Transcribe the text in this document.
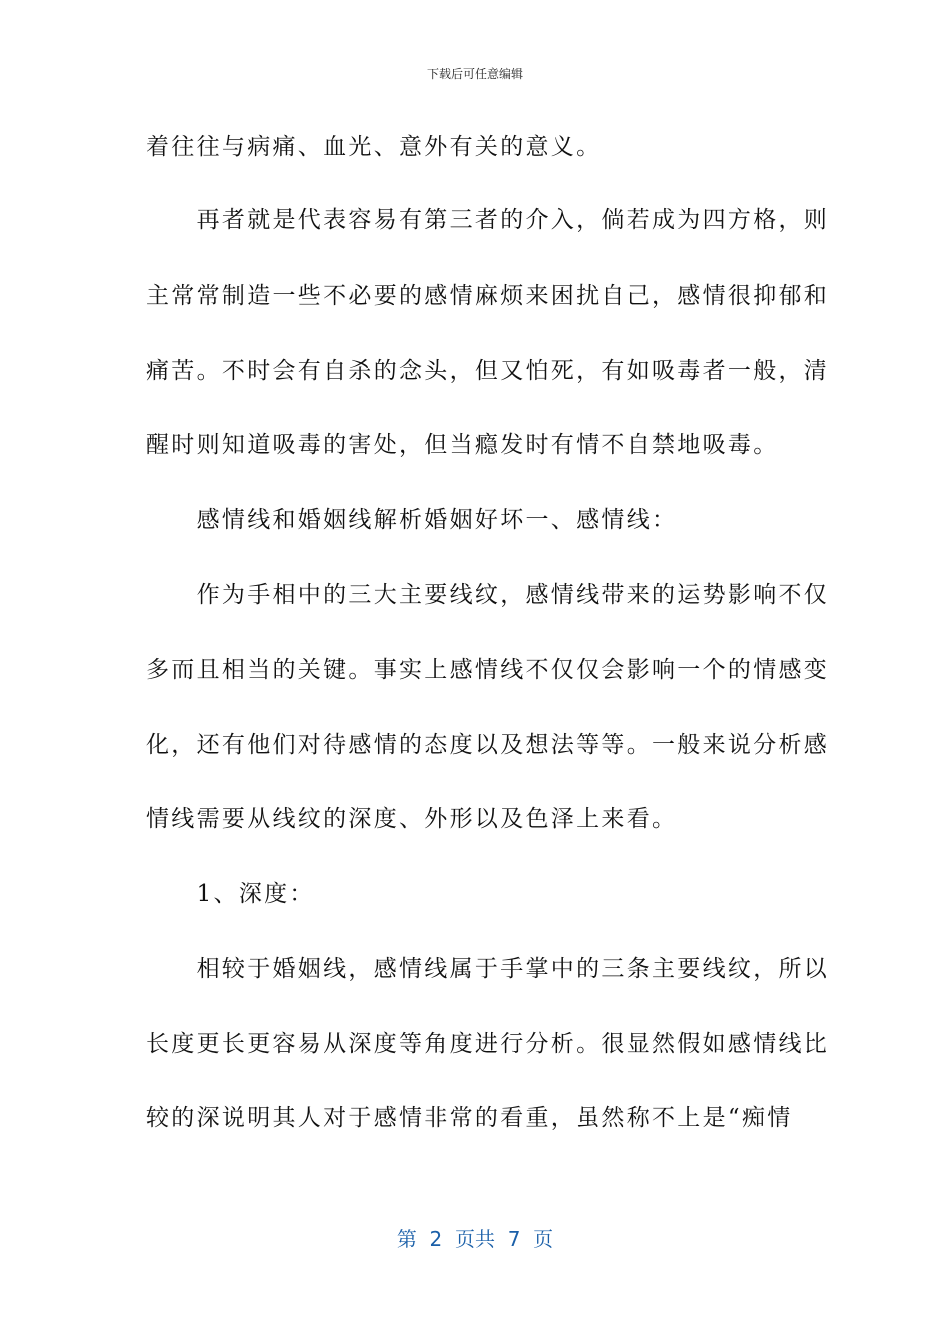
下载后可任意编辑
着往往与病痛、血光、意外有关的意义。
　　再者就是代表容易有第三者的介入，倘若成为四方格，则
主常常制造一些不必要的感情麻烦来困扰自己，感情很抑郁和
痛苦。不时会有自杀的念头，但又怕死，有如吸毒者一般，清
醒时则知道吸毒的害处，但当瘾发时有情不自禁地吸毒。
　　感情线和婚姻线解析婚姻好坏一、感情线：
　　作为手相中的三大主要线纹，感情线带来的运势影响不仅
多而且相当的关键。事实上感情线不仅仅会影响一个的情感变
化，还有他们对待感情的态度以及想法等等。一般来说分析感
情线需要从线纹的深度、外形以及色泽上来看。
　　1、深度：
　　相较于婚姻线，感情线属于手掌中的三条主要线纹，所以
长度更长更容易从深度等角度进行分析。很显然假如感情线比
较的深说明其人对于感情非常的看重，虽然称不上是“痴情
第  2  页共  7  页
